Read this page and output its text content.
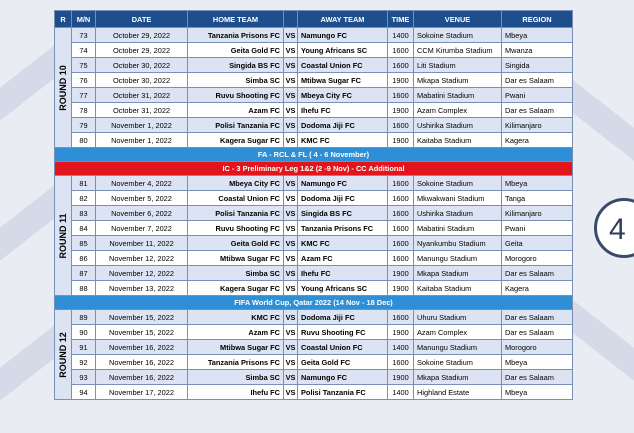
R	M/N	DATE	HOME TEAM		AWAY TEAM	TIME	VENUE	REGION

ROUND 10	73	October 29, 2022	Tanzania Prisons FC	VS	Namungo FC	1400	Sokoine Stadium	Mbeya
	74	October 29, 2022	Geita Gold FC	VS	Young Africans SC	1600	CCM Kirumba Stadium	Mwanza
	75	October 30, 2022	Singida BS FC	VS	Coastal Union FC	1600	Liti Stadium	Singida
	76	October 30, 2022	Simba SC	VS	Mtibwa Sugar FC	1900	Mkapa Stadium	Dar es Salaam
	77	October 31, 2022	Ruvu Shooting FC	VS	Mbeya City FC	1600	Mabatini Stadium	Pwani
	78	October 31, 2022	Azam FC	VS	Ihefu FC	1900	Azam Complex	Dar es Salaam
	79	November 1, 2022	Polisi Tanzania FC	VS	Dodoma Jiji FC	1600	Ushirika Stadium	Kilimanjaro
	80	November 1, 2022	Kagera Sugar FC	VS	KMC FC	1900	Kaitaba Stadium	Kagera
FA - RCL & FL ( 4 - 6 November)								
IC - 3 Preliminary Leg 1&2 (2 -9 Nov) - CC Additional								

ROUND 11	81	November 4, 2022	Mbeya City FC	VS	Namungo FC	1600	Sokoine Stadium	Mbeya
	82	November 5, 2022	Coastal Union FC	VS	Dodoma Jiji FC	1600	Mkwakwani Stadium	Tanga
	83	November 6, 2022	Polisi Tanzania FC	VS	Singida BS FC	1600	Ushirika Stadium	Kilimanjaro
	84	November 7, 2022	Ruvu Shooting FC	VS	Tanzania Prisons FC	1600	Mabatini Stadium	Pwani
	85	November 11, 2022	Geita Gold FC	VS	KMC FC	1600	Nyankumbu Stadium	Geita
	86	November 12, 2022	Mtibwa Sugar FC	VS	Azam FC	1600	Manungu Stadium	Morogoro
	87	November 12, 2022	Simba SC	VS	Ihefu FC	1900	Mkapa Stadium	Dar es Salaam
	88	November 13, 2022	Kagera Sugar FC	VS	Young Africans SC	1900	Kaitaba Stadium	Kagera
FIFA World Cup, Qatar 2022 (14 Nov - 18 Dec)								

ROUND 12	89	November 15, 2022	KMC FC	VS	Dodoma Jiji FC	1600	Uhuru Stadium	Dar es Salaam
	90	November 15, 2022	Azam FC	VS	Ruvu Shooting FC	1900	Azam Complex	Dar es Salaam
	91	November 16, 2022	Mtibwa Sugar FC	VS	Coastal Union FC	1400	Manungu Stadium	Morogoro
	92	November 16, 2022	Tanzania Prisons FC	VS	Geita Gold FC	1600	Sokoine Stadium	Mbeya
	93	November 16, 2022	Simba SC	VS	Namungo FC	1900	Mkapa Stadium	Dar es Salaam
	94	November 17, 2022	Ihefu FC	VS	Polisi Tanzania FC	1400	Highland Estate	Mbeya
4
